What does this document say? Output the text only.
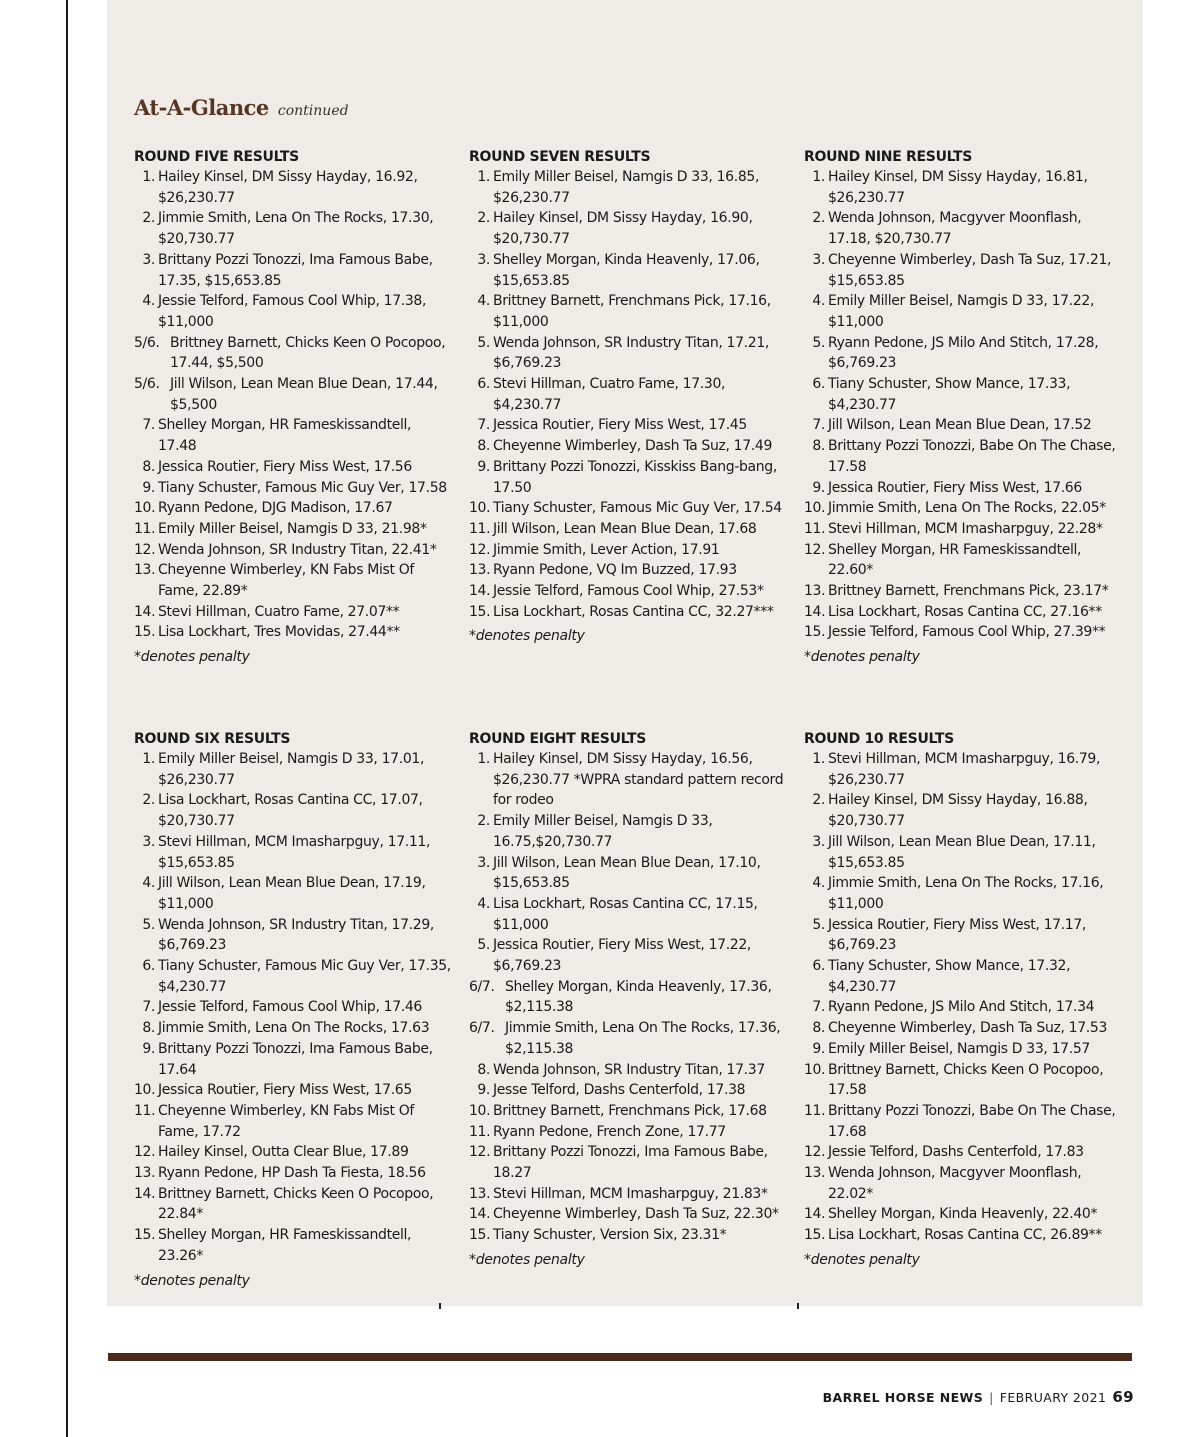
At-A-Glance continued
ROUND FIVE RESULTS
1. Hailey Kinsel, DM Sissy Hayday, 16.92, $26,230.77
2. Jimmie Smith, Lena On The Rocks, 17.30, $20,730.77
3. Brittany Pozzi Tonozzi, Ima Famous Babe, 17.35, $15,653.85
4. Jessie Telford, Famous Cool Whip, 17.38, $11,000
5/6. Brittney Barnett, Chicks Keen O Pocopoo, 17.44, $5,500
5/6. Jill Wilson, Lean Mean Blue Dean, 17.44, $5,500
7. Shelley Morgan, HR Fameskissandtell, 17.48
8. Jessica Routier, Fiery Miss West, 17.56
9. Tiany Schuster, Famous Mic Guy Ver, 17.58
10. Ryann Pedone, DJG Madison, 17.67
11. Emily Miller Beisel, Namgis D 33, 21.98*
12. Wenda Johnson, SR Industry Titan, 22.41*
13. Cheyenne Wimberley, KN Fabs Mist Of Fame, 22.89*
14. Stevi Hillman, Cuatro Fame, 27.07**
15. Lisa Lockhart, Tres Movidas, 27.44**
*denotes penalty
ROUND SEVEN RESULTS
1. Emily Miller Beisel, Namgis D 33, 16.85, $26,230.77
2. Hailey Kinsel, DM Sissy Hayday, 16.90, $20,730.77
3. Shelley Morgan, Kinda Heavenly, 17.06, $15,653.85
4. Brittney Barnett, Frenchmans Pick, 17.16, $11,000
5. Wenda Johnson, SR Industry Titan, 17.21, $6,769.23
6. Stevi Hillman, Cuatro Fame, 17.30, $4,230.77
7. Jessica Routier, Fiery Miss West, 17.45
8. Cheyenne Wimberley, Dash Ta Suz, 17.49
9. Brittany Pozzi Tonozzi, Kisskiss Bang-bang, 17.50
10. Tiany Schuster, Famous Mic Guy Ver, 17.54
11. Jill Wilson, Lean Mean Blue Dean, 17.68
12. Jimmie Smith, Lever Action, 17.91
13. Ryann Pedone, VQ Im Buzzed, 17.93
14. Jessie Telford, Famous Cool Whip, 27.53*
15. Lisa Lockhart, Rosas Cantina CC, 32.27***
*denotes penalty
ROUND NINE RESULTS
1. Hailey Kinsel, DM Sissy Hayday, 16.81, $26,230.77
2. Wenda Johnson, Macgyver Moonflash, 17.18, $20,730.77
3. Cheyenne Wimberley, Dash Ta Suz, 17.21, $15,653.85
4. Emily Miller Beisel, Namgis D 33, 17.22, $11,000
5. Ryann Pedone, JS Milo And Stitch, 17.28, $6,769.23
6. Tiany Schuster, Show Mance, 17.33, $4,230.77
7. Jill Wilson, Lean Mean Blue Dean, 17.52
8. Brittany Pozzi Tonozzi, Babe On The Chase, 17.58
9. Jessica Routier, Fiery Miss West, 17.66
10. Jimmie Smith, Lena On The Rocks, 22.05*
11. Stevi Hillman, MCM Imasharpguy, 22.28*
12. Shelley Morgan, HR Fameskissandtell, 22.60*
13. Brittney Barnett, Frenchmans Pick, 23.17*
14. Lisa Lockhart, Rosas Cantina CC, 27.16**
15. Jessie Telford, Famous Cool Whip, 27.39**
*denotes penalty
ROUND SIX RESULTS
1. Emily Miller Beisel, Namgis D 33, 17.01, $26,230.77
2. Lisa Lockhart, Rosas Cantina CC, 17.07, $20,730.77
3. Stevi Hillman, MCM Imasharpguy, 17.11, $15,653.85
4. Jill Wilson, Lean Mean Blue Dean, 17.19, $11,000
5. Wenda Johnson, SR Industry Titan, 17.29, $6,769.23
6. Tiany Schuster, Famous Mic Guy Ver, 17.35, $4,230.77
7. Jessie Telford, Famous Cool Whip, 17.46
8. Jimmie Smith, Lena On The Rocks, 17.63
9. Brittany Pozzi Tonozzi, Ima Famous Babe, 17.64
10. Jessica Routier, Fiery Miss West, 17.65
11. Cheyenne Wimberley, KN Fabs Mist Of Fame, 17.72
12. Hailey Kinsel, Outta Clear Blue, 17.89
13. Ryann Pedone, HP Dash Ta Fiesta, 18.56
14. Brittney Barnett, Chicks Keen O Pocopoo, 22.84*
15. Shelley Morgan, HR Fameskissandtell, 23.26*
*denotes penalty
ROUND EIGHT RESULTS
1. Hailey Kinsel, DM Sissy Hayday, 16.56, $26,230.77 *WPRA standard pattern record for rodeo
2. Emily Miller Beisel, Namgis D 33, 16.75,$20,730.77
3. Jill Wilson, Lean Mean Blue Dean, 17.10, $15,653.85
4. Lisa Lockhart, Rosas Cantina CC, 17.15, $11,000
5. Jessica Routier, Fiery Miss West, 17.22, $6,769.23
6/7. Shelley Morgan, Kinda Heavenly, 17.36, $2,115.38
6/7. Jimmie Smith, Lena On The Rocks, 17.36, $2,115.38
8. Wenda Johnson, SR Industry Titan, 17.37
9. Jesse Telford, Dashs Centerfold, 17.38
10. Brittney Barnett, Frenchmans Pick, 17.68
11. Ryann Pedone, French Zone, 17.77
12. Brittany Pozzi Tonozzi, Ima Famous Babe, 18.27
13. Stevi Hillman, MCM Imasharpguy, 21.83*
14. Cheyenne Wimberley, Dash Ta Suz, 22.30*
15. Tiany Schuster, Version Six, 23.31*
*denotes penalty
ROUND 10 RESULTS
1. Stevi Hillman, MCM Imasharpguy, 16.79, $26,230.77
2. Hailey Kinsel, DM Sissy Hayday, 16.88, $20,730.77
3. Jill Wilson, Lean Mean Blue Dean, 17.11, $15,653.85
4. Jimmie Smith, Lena On The Rocks, 17.16, $11,000
5. Jessica Routier, Fiery Miss West, 17.17, $6,769.23
6. Tiany Schuster, Show Mance, 17.32, $4,230.77
7. Ryann Pedone, JS Milo And Stitch, 17.34
8. Cheyenne Wimberley, Dash Ta Suz, 17.53
9. Emily Miller Beisel, Namgis D 33, 17.57
10. Brittney Barnett, Chicks Keen O Pocopoo, 17.58
11. Brittany Pozzi Tonozzi, Babe On The Chase, 17.68
12. Jessie Telford, Dashs Centerfold, 17.83
13. Wenda Johnson, Macgyver Moonflash, 22.02*
14. Shelley Morgan, Kinda Heavenly, 22.40*
15. Lisa Lockhart, Rosas Cantina CC, 26.89**
*denotes penalty
BARREL HORSE NEWS | FEBRUARY 2021 69
